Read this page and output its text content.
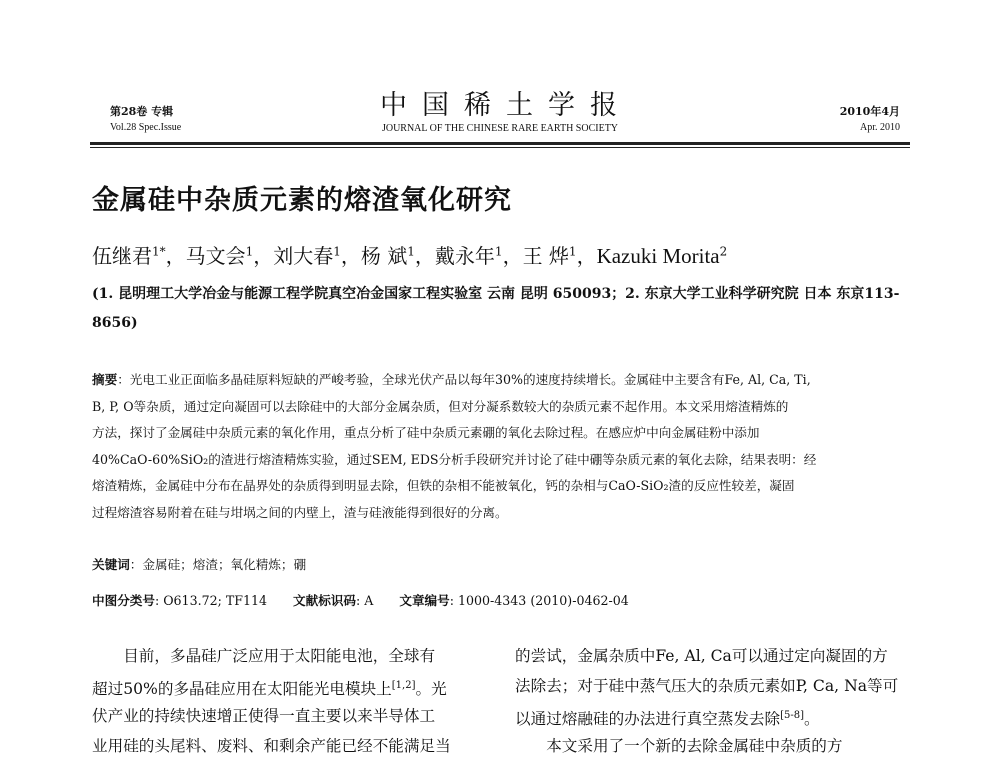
第28卷 专辑
Vol.28 Spec.Issue
中国稀土学报
JOURNAL OF THE CHINESE RARE EARTH SOCIETY
2010年4月
Apr. 2010
金属硅中杂质元素的熔渣氧化研究
伍继君$^{1*}$，马文会$^1$，刘大春$^1$，杨 斌$^1$，戴永年$^1$，王 烨$^1$，Kazuki Morita$^2$
(1. 昆明理工大学冶金与能源工程学院真空冶金国家工程实验室 云南 昆明 650093；2. 东京大学工业科学研究院 日本 东京113-8656)
摘要：光电工业正面临多晶硅原料短缺的严峻考验，全球光伏产品以每年30%的速度持续增长。金属硅中主要含有Fe, Al, Ca, Ti,
B, P, O等杂质，通过定向凝固可以去除硅中的大部分金属杂质，但对分凝系数较大的杂质元素不起作用。本文采用熔渣精炼的
方法，探讨了金属硅中杂质元素的氧化作用，重点分析了硅中杂质元素硼的氧化去除过程。在感应炉中向金属硅粉中添加
40%CaO-60%SiO₂的渣进行熔渣精炼实验，通过SEM, EDS分析手段研究并讨论了硅中硼等杂质元素的氧化去除，结果表明：经
熔渣精炼，金属硅中分布在晶界处的杂质得到明显去除，但铁的杂相不能被氧化，钙的杂相与CaO-SiO₂渣的反应性较差，凝固
过程熔渣容易附着在硅与坩埚之间的内壁上，渣与硅液能得到很好的分离。
关键词：金属硅；熔渣；氧化精炼；硼
中图分类号: O613.72; TF114 文献标识码: A 文章编号: 1000-4343 (2010)-0462-04
　　目前，多晶硅广泛应用于太阳能电池，全球有
超过50%的多晶硅应用在太阳能光电模块上[1,2]。光
伏产业的持续快速增正使得一直主要以来半导体工
业用硅的头尾料、废料、和剩余产能已经不能满足当
的尝试，金属杂质中Fe, Al, Ca可以通过定向凝固的方
法除去；对于硅中蒸气压大的杂质元素如P, Ca, Na等可
以通过熔融硅的办法进行真空蒸发去除[5-8]。
　　本文采用了一个新的去除金属硅中杂质的方
